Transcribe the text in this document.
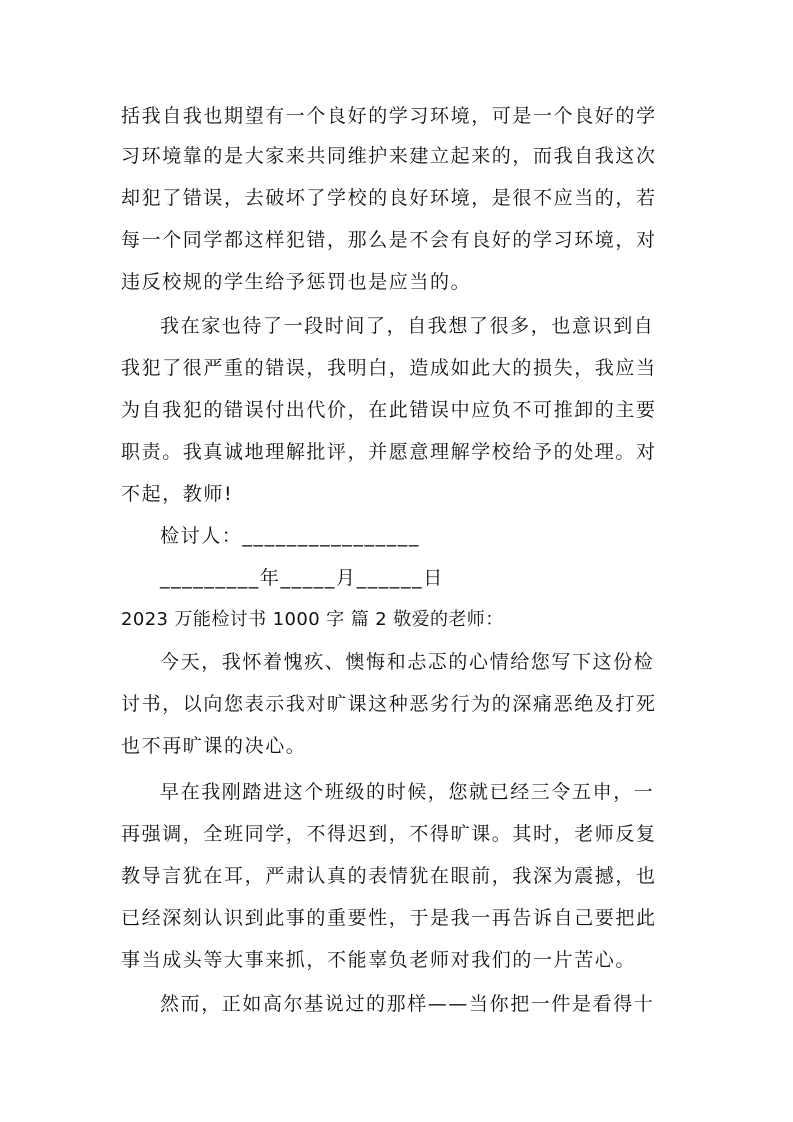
括我自我也期望有一个良好的学习环境，可是一个良好的学
习环境靠的是大家来共同维护来建立起来的，而我自我这次
却犯了错误，去破坏了学校的良好环境，是很不应当的，若
每一个同学都这样犯错，那么是不会有良好的学习环境，对
违反校规的学生给予惩罚也是应当的。
我在家也待了一段时间了，自我想了很多，也意识到自
我犯了很严重的错误，我明白，造成如此大的损失，我应当
为自我犯的错误付出代价，在此错误中应负不可推卸的主要
职责。我真诚地理解批评，并愿意理解学校给予的处理。对
不起，教师!
检讨人：________________
_________年_____月______日
2023 万能检讨书 1000 字 篇 2 敬爱的老师：
今天，我怀着愧疚、懊悔和忐忑的心情给您写下这份检
讨书，以向您表示我对旷课这种恶劣行为的深痛恶绝及打死
也不再旷课的决心。
早在我刚踏进这个班级的时候，您就已经三令五申，一
再强调，全班同学，不得迟到，不得旷课。其时，老师反复
教导言犹在耳，严肃认真的表情犹在眼前，我深为震撼，也
已经深刻认识到此事的重要性，于是我一再告诉自己要把此
事当成头等大事来抓，不能辜负老师对我们的一片苦心。
然而，正如高尔基说过的那样——当你把一件是看得十
